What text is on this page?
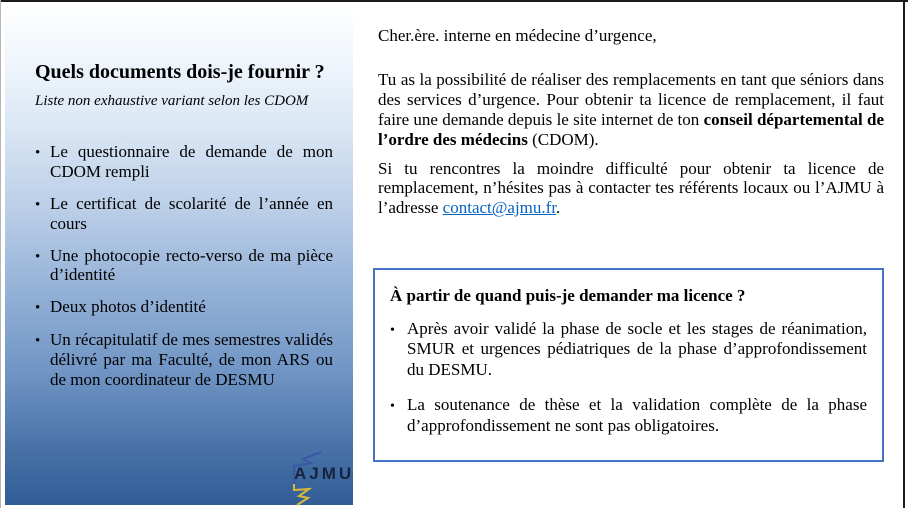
Quels documents dois-je fournir ?
Liste non exhaustive variant selon les CDOM
•
Le questionnaire de demande de mon CDOM rempli
•
Le certificat de scolarité de l’année en cours
•
Une photocopie recto-verso de ma pièce d’identité
•
Deux photos d’identité
•
Un récapitulatif de mes semestres validés délivré par ma Faculté, de mon ARS ou de mon coordinateur de DESMU
AJMU
Cher.ère. interne en médecine d’urgence,
Tu as la possibilité de réaliser des remplacements en tant que séniors dans des services d’urgence. Pour obtenir ta licence de remplacement, il faut faire une demande depuis le site internet de ton conseil départemental de l’ordre des médecins (CDOM).
Si tu rencontres la moindre difficulté pour obtenir ta licence de remplacement, n’hésites pas à contacter tes référents locaux ou l’AJMU à l’adresse contact@ajmu.fr.
À partir de quand puis-je demander ma licence ?
•
Après avoir validé la phase de socle et les stages de réanimation, SMUR et urgences pédiatriques de la phase d’approfondissement du DESMU.
•
La soutenance de thèse et la validation complète de la phase d’approfondissement ne sont pas obligatoires.
